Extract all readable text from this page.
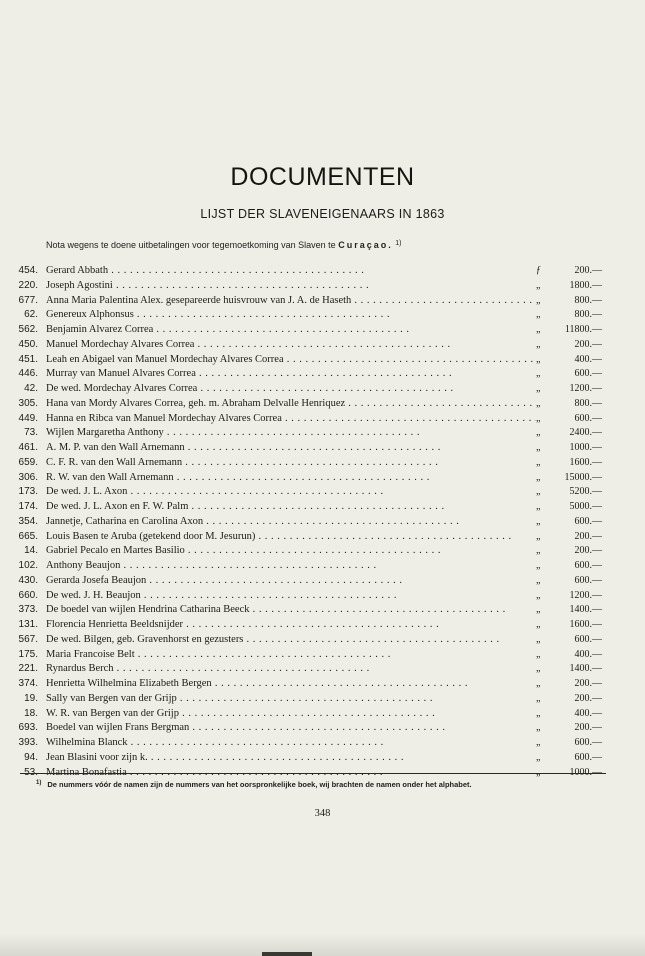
DOCUMENTEN
LIJST DER SLAVENEIGENAARS IN 1863
Nota wegens te doene uitbetalingen voor tegemoetkoming van Slaven te Curaçao. $^{1)}$
454. Gerard Abbath . .	ƒ	200.—
220. Joseph Agostini . .	„	1800.—
677. Anna Maria Palentina Alex. gesepareerde huisvrouw van J. A. de Haseth . .	„	800.—
62. Genereux Alphonsus . .	„	800.—
562. Benjamin Alvarez Correa . .	„	11800.—
450. Manuel Mordechay Alvares Correa . .	„	200.—
451. Leah en Abigael van Manuel Mordechay Alvares Correa . .	„	400.—
446. Murray van Manuel Alvares Correa . .	„	600.—
42. De wed. Mordechay Alvares Correa . .	„	1200.—
305. Hana van Mordy Alvares Correa, geh. m. Abraham Delvalle Henriquez . .	„	800.—
449. Hanna en Ribca van Manuel Mordechay Alvares Correa . .	„	600.—
73. Wijlen Margaretha Anthony . .	„	2400.—
461. A. M. P. van den Wall Arnemann . .	„	1000.—
659. C. F. R. van den Wall Arnemann . .	„	1600.—
306. R. W. van den Wall Arnemann . .	„	15000.—
173. De wed. J. L. Axon . .	„	5200.—
174. De wed. J. L. Axon en F. W. Palm . .	„	5000.—
354. Jannetje, Catharina en Carolina Axon . .	„	600.—
665. Louis Basen te Aruba (getekend door M. Jesurun) . .	„	200.—
14. Gabriel Pecalo en Martes Basilio . .	„	200.—
102. Anthony Beaujon . .	„	600.—
430. Gerarda Josefa Beaujon . .	„	600.—
660. De wed. J. H. Beaujon . .	„	1200.—
373. De boedel van wijlen Hendrina Catharina Beeck . .	„	1400.—
131. Florencia Henrietta Beeldsnijder . .	„	1600.—
567. De wed. Bilgen, geb. Gravenhorst en gezusters . .	„	600.—
175. Maria Francoise Belt . .	„	400.—
221. Rynardus Berch . .	„	1400.—
374. Henrietta Wilhelmina Elizabeth Bergen . .	„	200.—
19. Sally van Bergen van der Grijp . .	„	200.—
18. W. R. van Bergen van der Grijp . .	„	400.—
693. Boedel van wijlen Frans Bergman . .	„	200.—
393. Wilhelmina Blanck . .	„	600.—
94. Jean Blasini voor zijn k. . .	„	600.—
53. Martina Bonafastia . .	„	1000.—
$^{1)}$ De nummers vóór de namen zijn de nummers van het oorspronkelijke boek, wij brachten de namen onder het alphabet.
348
